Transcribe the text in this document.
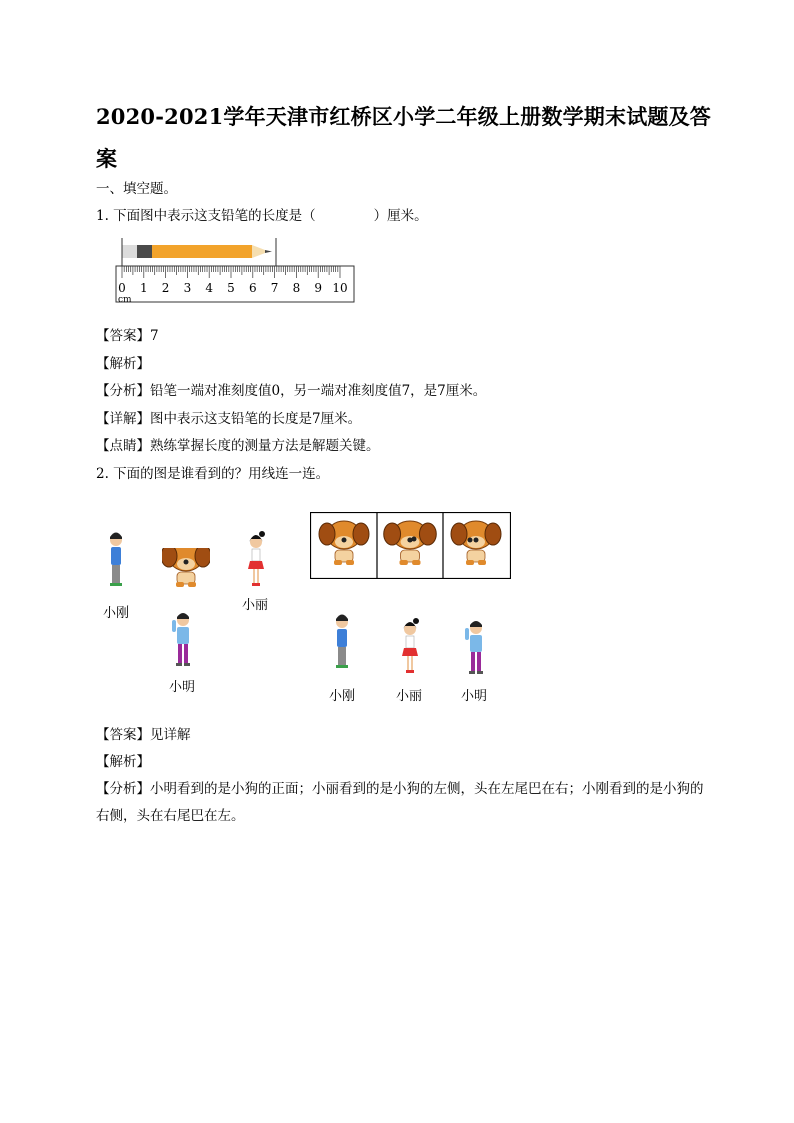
2020-2021学年天津市红桥区小学二年级上册数学期末试题及答案
一、填空题。
1. 下面图中表示这支铅笔的长度是（	）厘米。
0 1 2 3 4 5 6 7 8 9 10
cm
【答案】7
【解析】
【分析】铅笔一端对准刻度值0，另一端对准刻度值7，是7厘米。
【详解】图中表示这支铅笔的长度是7厘米。
【点睛】熟练掌握长度的测量方法是解题关键。
2. 下面的图是谁看到的？用线连一连。
小刚
小丽
小明
小刚	小丽	小明
【答案】见详解
【解析】
【分析】小明看到的是小狗的正面；小丽看到的是小狗的左侧，头在左尾巴在右；小刚看到的是小狗的右侧，头在右尾巴在左。
